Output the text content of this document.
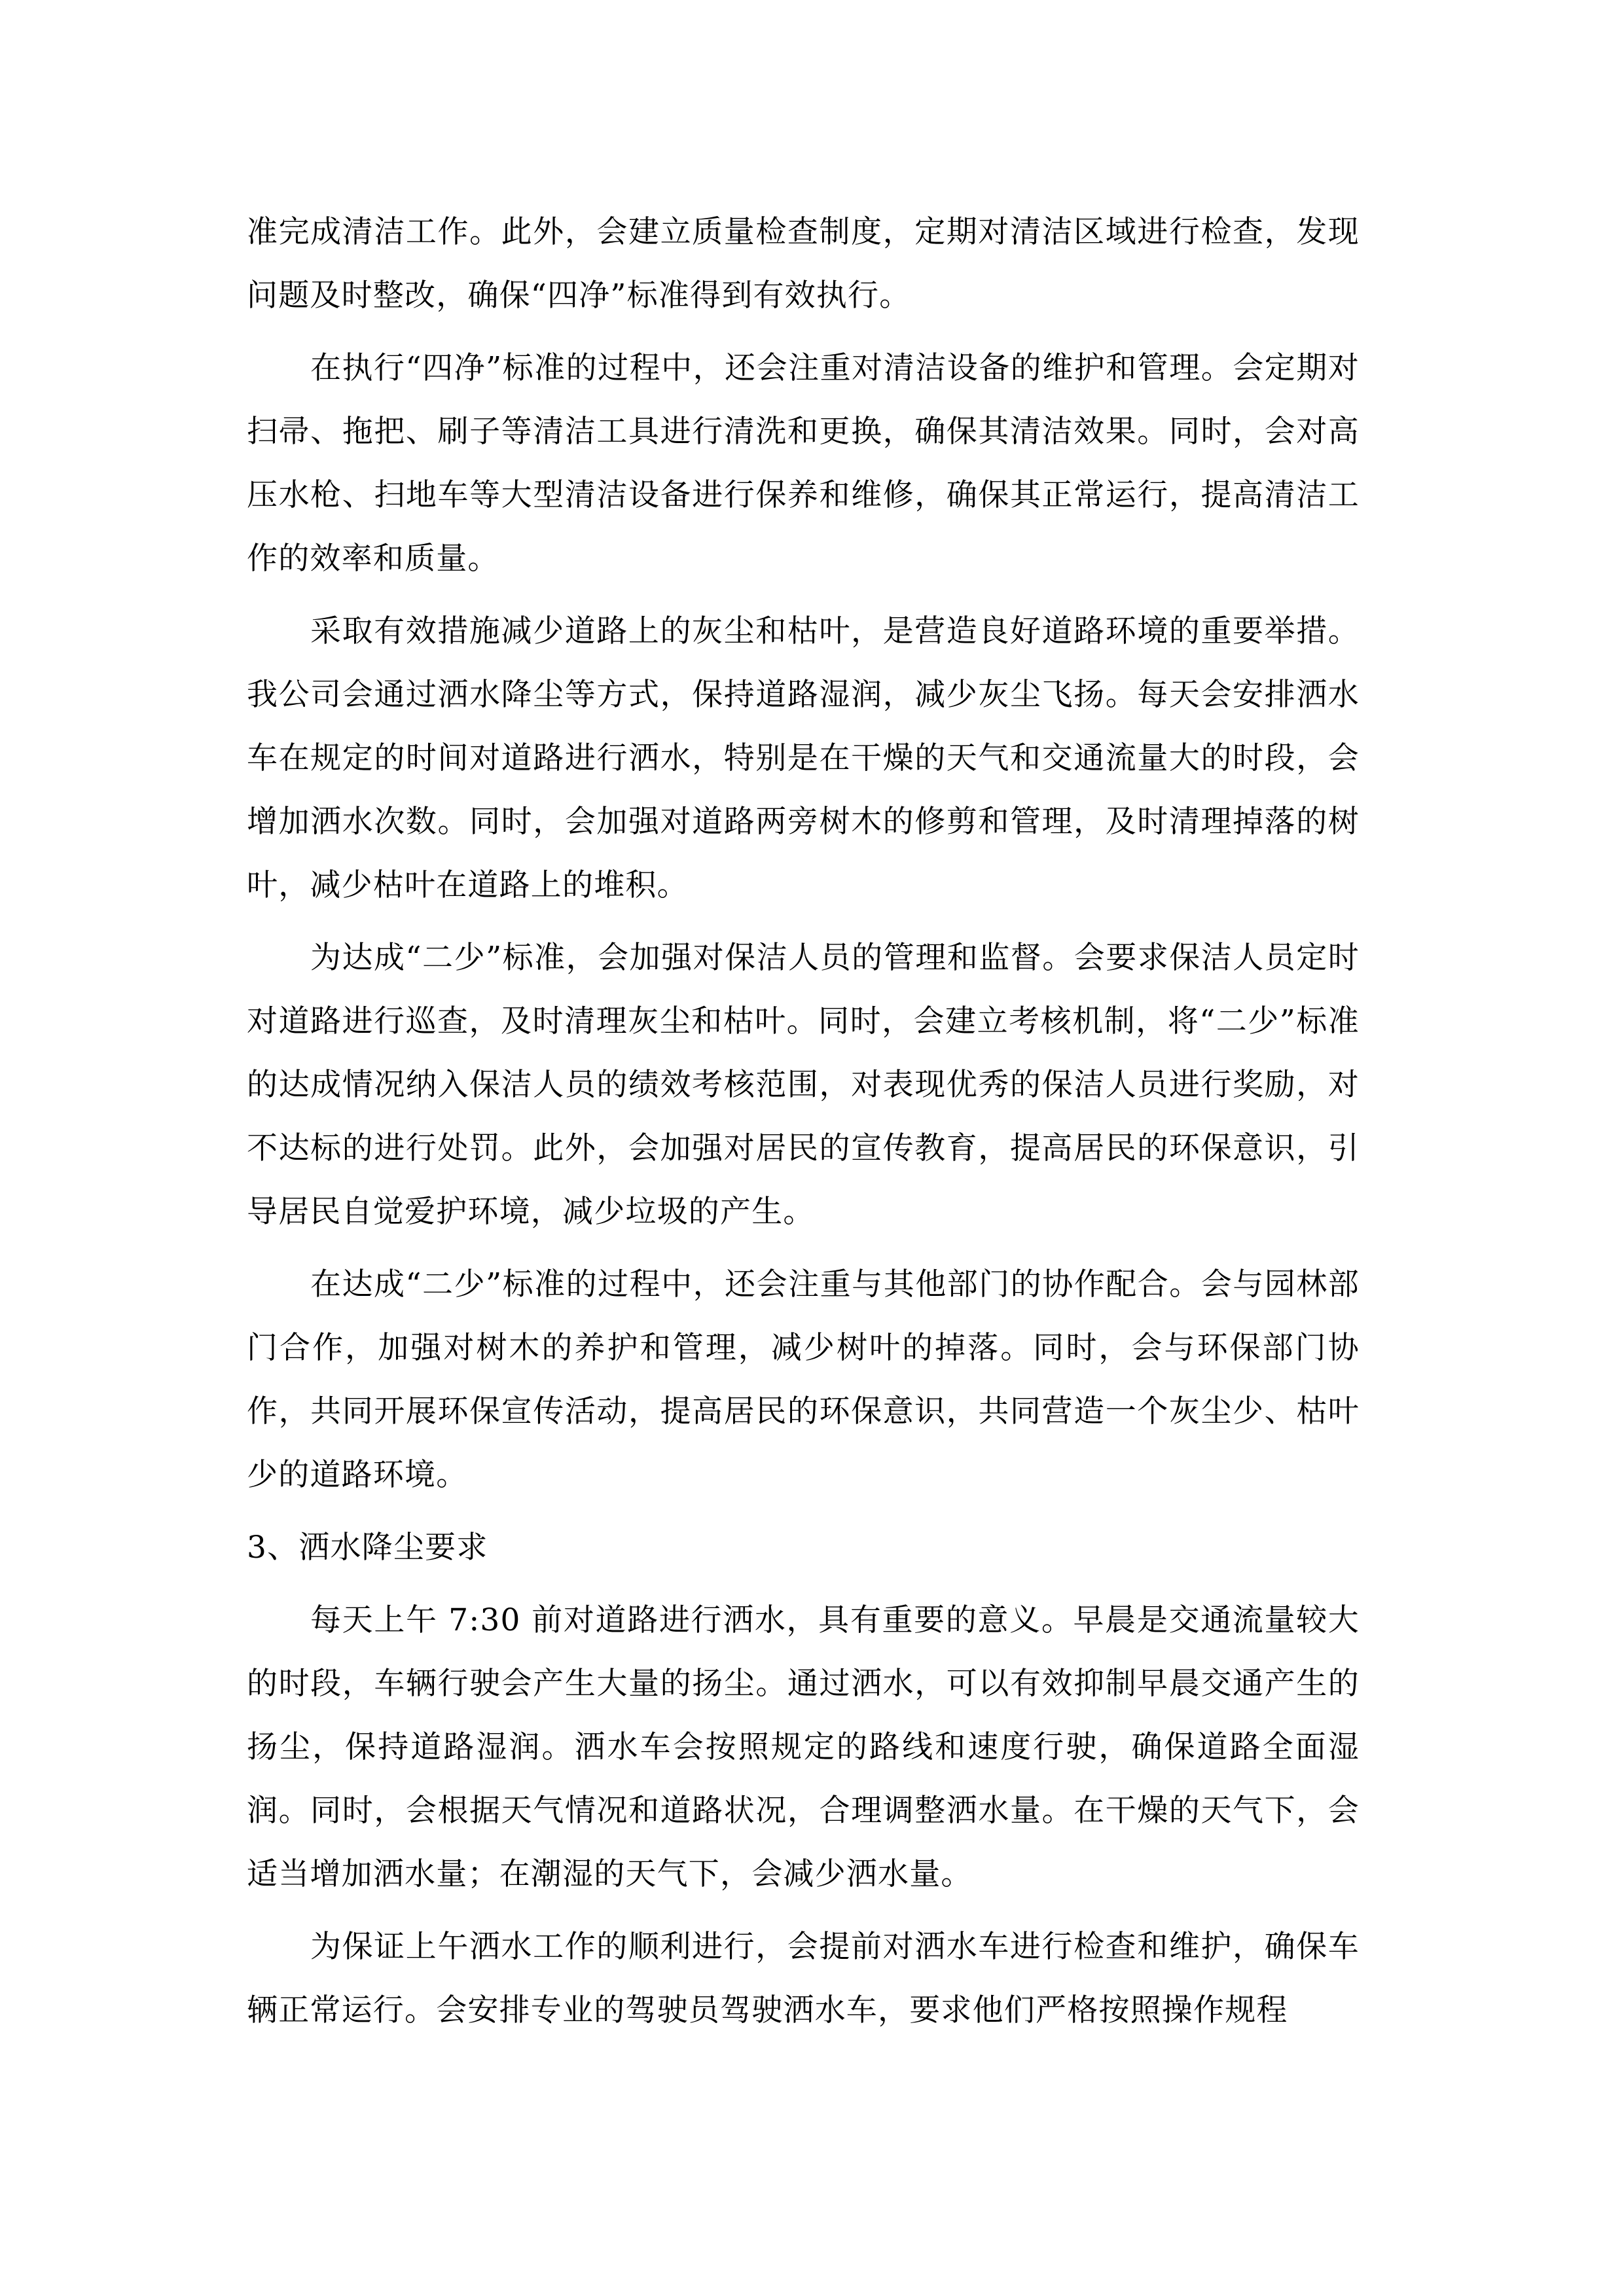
准完成清洁工作。此外，会建立质量检查制度，定期对清洁区域进行检查，发现问题及时整改，确保“四净”标准得到有效执行。

在执行“四净”标准的过程中，还会注重对清洁设备的维护和管理。会定期对扫帚、拖把、刷子等清洁工具进行清洗和更换，确保其清洁效果。同时，会对高压水枪、扫地车等大型清洁设备进行保养和维修，确保其正常运行，提高清洁工作的效率和质量。

采取有效措施减少道路上的灰尘和枯叶，是营造良好道路环境的重要举措。我公司会通过洒水降尘等方式，保持道路湿润，减少灰尘飞扬。每天会安排洒水车在规定的时间对道路进行洒水，特别是在干燥的天气和交通流量大的时段，会增加洒水次数。同时，会加强对道路两旁树木的修剪和管理，及时清理掉落的树叶，减少枯叶在道路上的堆积。

为达成“二少”标准，会加强对保洁人员的管理和监督。会要求保洁人员定时对道路进行巡查，及时清理灰尘和枯叶。同时，会建立考核机制，将“二少”标准的达成情况纳入保洁人员的绩效考核范围，对表现优秀的保洁人员进行奖励，对不达标的进行处罚。此外，会加强对居民的宣传教育，提高居民的环保意识，引导居民自觉爱护环境，减少垃圾的产生。

在达成“二少”标准的过程中，还会注重与其他部门的协作配合。会与园林部门合作，加强对树木的养护和管理，减少树叶的掉落。同时，会与环保部门协作，共同开展环保宣传活动，提高居民的环保意识，共同营造一个灰尘少、枯叶少的道路环境。

3、洒水降尘要求

每天上午 7:30 前对道路进行洒水，具有重要的意义。早晨是交通流量较大的时段，车辆行驶会产生大量的扬尘。通过洒水，可以有效抑制早晨交通产生的扬尘，保持道路湿润。洒水车会按照规定的路线和速度行驶，确保道路全面湿润。同时，会根据天气情况和道路状况，合理调整洒水量。在干燥的天气下，会适当增加洒水量；在潮湿的天气下，会减少洒水量。

为保证上午洒水工作的顺利进行，会提前对洒水车进行检查和维护，确保车辆正常运行。会安排专业的驾驶员驾驶洒水车，要求他们严格按照操作规程
